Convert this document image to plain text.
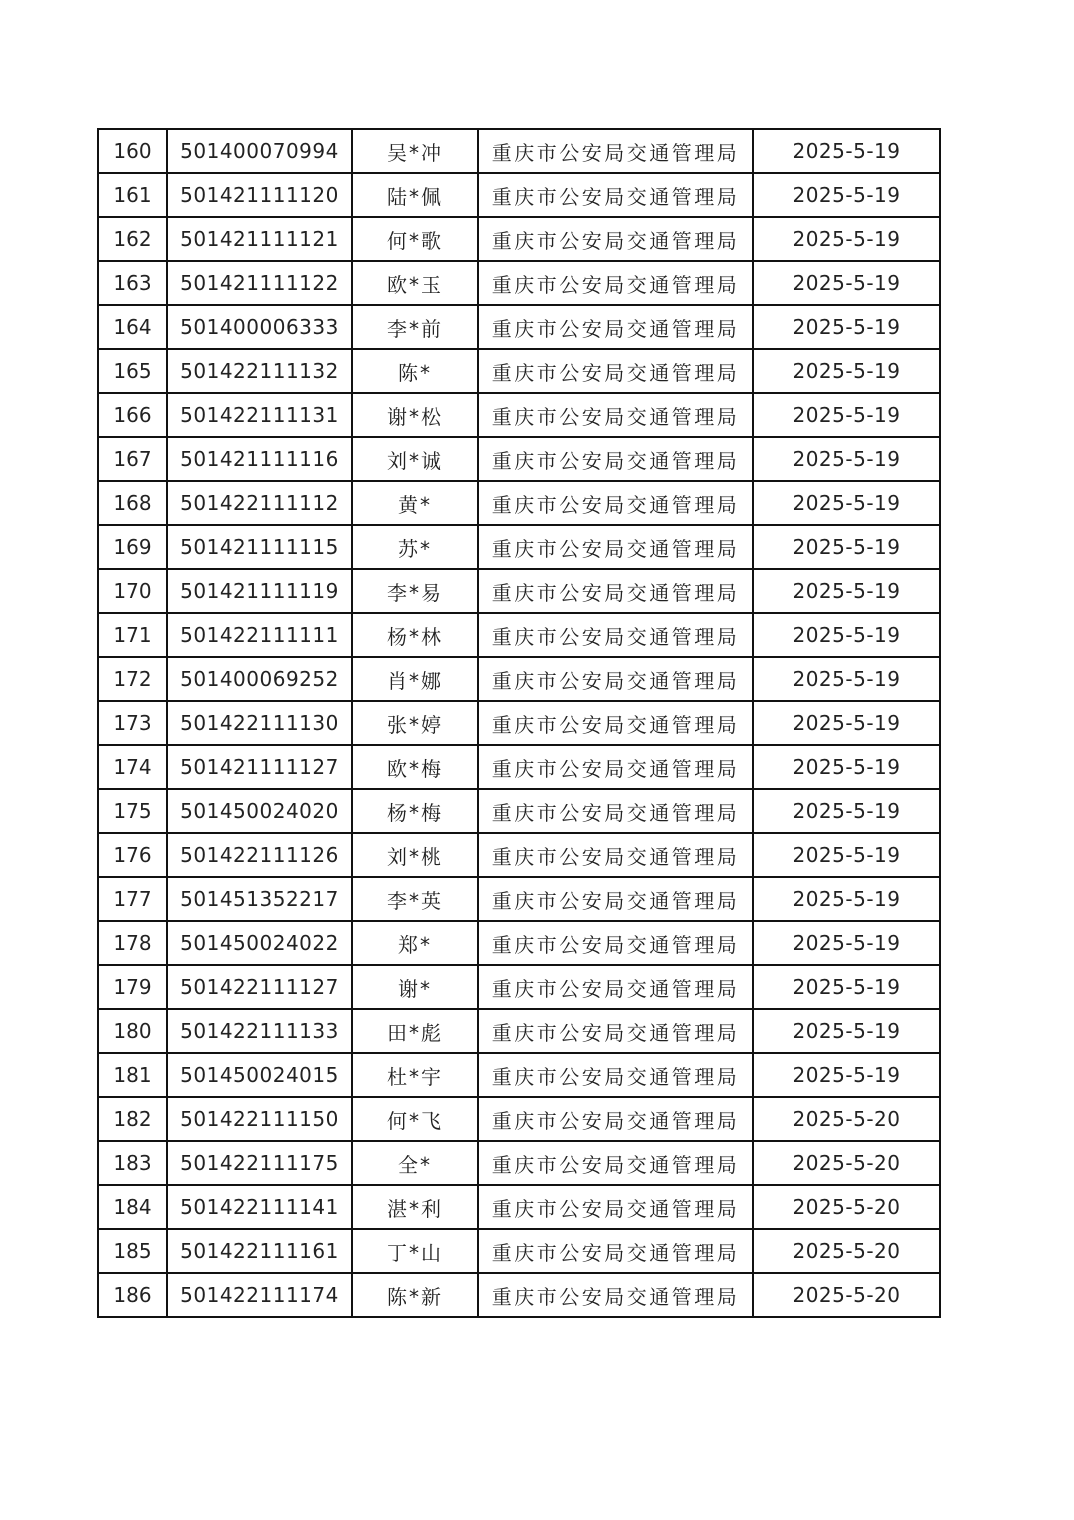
160	501400070994	吴*冲	重庆市公安局交通管理局	2025-5-19
161	501421111120	陆*佩	重庆市公安局交通管理局	2025-5-19
162	501421111121	何*歌	重庆市公安局交通管理局	2025-5-19
163	501421111122	欧*玉	重庆市公安局交通管理局	2025-5-19
164	501400006333	李*前	重庆市公安局交通管理局	2025-5-19
165	501422111132	陈*	重庆市公安局交通管理局	2025-5-19
166	501422111131	谢*松	重庆市公安局交通管理局	2025-5-19
167	501421111116	刘*诚	重庆市公安局交通管理局	2025-5-19
168	501422111112	黄*	重庆市公安局交通管理局	2025-5-19
169	501421111115	苏*	重庆市公安局交通管理局	2025-5-19
170	501421111119	李*易	重庆市公安局交通管理局	2025-5-19
171	501422111111	杨*林	重庆市公安局交通管理局	2025-5-19
172	501400069252	肖*娜	重庆市公安局交通管理局	2025-5-19
173	501422111130	张*婷	重庆市公安局交通管理局	2025-5-19
174	501421111127	欧*梅	重庆市公安局交通管理局	2025-5-19
175	501450024020	杨*梅	重庆市公安局交通管理局	2025-5-19
176	501422111126	刘*桃	重庆市公安局交通管理局	2025-5-19
177	501451352217	李*英	重庆市公安局交通管理局	2025-5-19
178	501450024022	郑*	重庆市公安局交通管理局	2025-5-19
179	501422111127	谢*	重庆市公安局交通管理局	2025-5-19
180	501422111133	田*彪	重庆市公安局交通管理局	2025-5-19
181	501450024015	杜*宇	重庆市公安局交通管理局	2025-5-19
182	501422111150	何*飞	重庆市公安局交通管理局	2025-5-20
183	501422111175	全*	重庆市公安局交通管理局	2025-5-20
184	501422111141	湛*利	重庆市公安局交通管理局	2025-5-20
185	501422111161	丁*山	重庆市公安局交通管理局	2025-5-20
186	501422111174	陈*新	重庆市公安局交通管理局	2025-5-20
